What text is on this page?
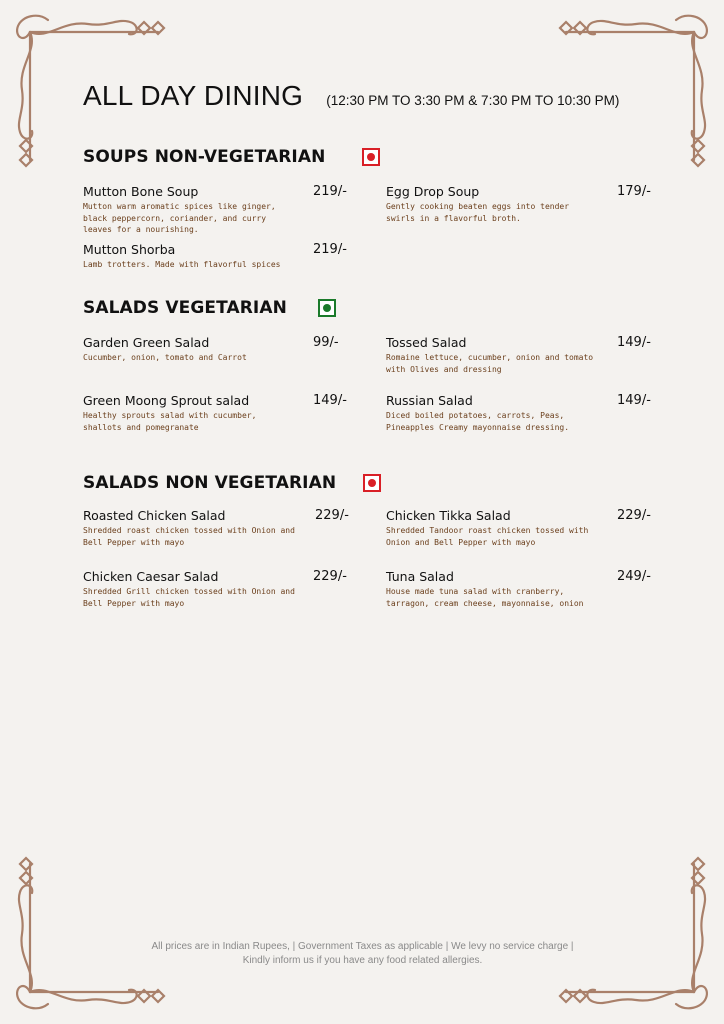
ALL DAY DINING (12:30 PM TO 3:30 PM & 7:30 PM TO 10:30 PM)
SOUPS NON-VEGETARIAN
Mutton Bone Soup
Mutton warm aromatic spices like ginger, black peppercorn, coriander, and curry leaves for a nourishing.
219/-	Egg Drop Soup
Gently cooking beaten eggs into tender swirls in a flavorful broth.
179/-
Mutton Shorba
Lamb trotters. Made with flavorful spices
219/-
SALADS VEGETARIAN
Garden Green Salad
Cucumber, onion, tomato and Carrot
99/-	Tossed Salad
Romaine lettuce, cucumber, onion and tomato with Olives and dressing
149/-
Green Moong Sprout salad
Healthy sprouts salad with cucumber, shallots and pomegranate
149/-	Russian Salad
Diced boiled potatoes, carrots, Peas, Pineapples Creamy mayonnaise dressing.
149/-
SALADS NON VEGETARIAN
Roasted Chicken Salad
Shredded roast chicken tossed with Onion and Bell Pepper with mayo
229/-	Chicken Tikka Salad
Shredded Tandoor roast chicken tossed with Onion and Bell Pepper with mayo
229/-
Chicken Caesar Salad
Shredded Grill chicken tossed with Onion and Bell Pepper with mayo
229/-	Tuna Salad
House made tuna salad with cranberry, tarragon, cream cheese, mayonnaise, onion
249/-
All prices are in Indian Rupees, | Government Taxes as applicable | We levy no service charge |
Kindly inform us if you have any food related allergies.
